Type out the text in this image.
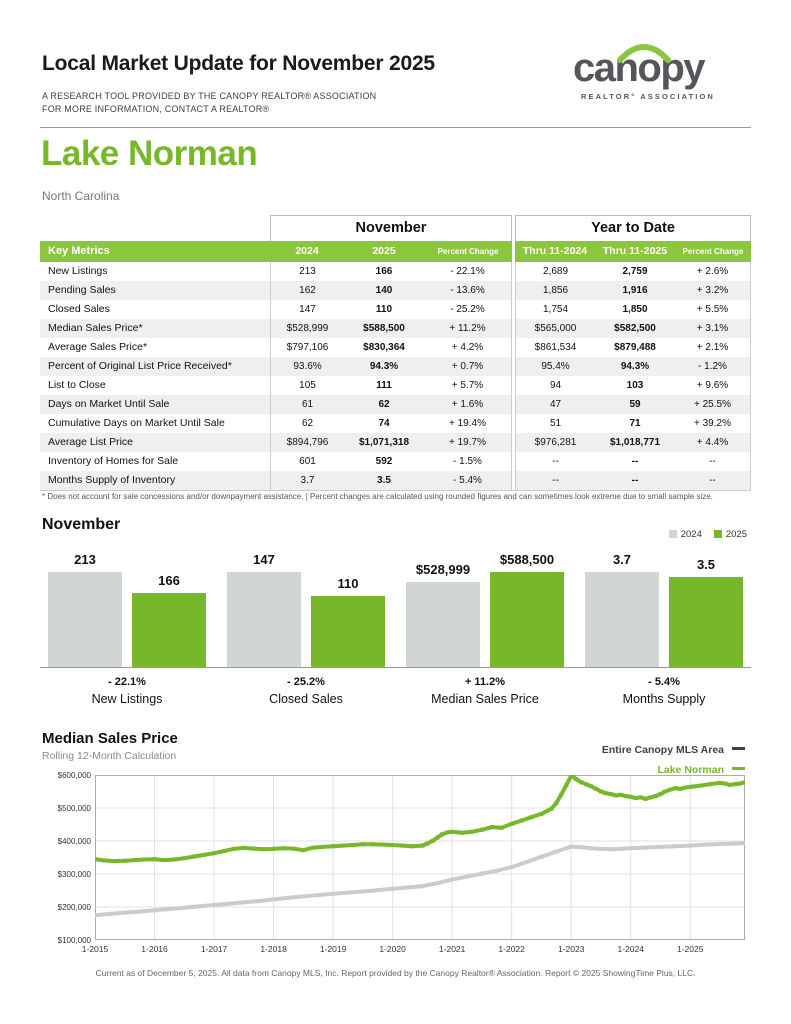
Local Market Update for November 2025
A RESEARCH TOOL PROVIDED BY THE CANOPY REALTOR® ASSOCIATION
FOR MORE INFORMATION, CONTACT A REALTOR®
canopy
REALTOR° ASSOCIATION
Lake Norman
North Carolina
November	Year to Date
Key Metrics	2024	2025	Percent Change	Thru 11-2024	Thru 11-2025	Percent Change
New Listings	213	166	- 22.1%	2,689	2,759	+ 2.6%
Pending Sales	162	140	- 13.6%	1,856	1,916	+ 3.2%
Closed Sales	147	110	- 25.2%	1,754	1,850	+ 5.5%
Median Sales Price*	$528,999	$588,500	+ 11.2%	$565,000	$582,500	+ 3.1%
Average Sales Price*	$797,106	$830,364	+ 4.2%	$861,534	$879,488	+ 2.1%
Percent of Original List Price Received*	93.6%	94.3%	+ 0.7%	95.4%	94.3%	- 1.2%
List to Close	105	111	+ 5.7%	94	103	+ 9.6%
Days on Market Until Sale	61	62	+ 1.6%	47	59	+ 25.5%
Cumulative Days on Market Until Sale	62	74	+ 19.4%	51	71	+ 39.2%
Average List Price	$894,796	$1,071,318	+ 19.7%	$976,281	$1,018,771	+ 4.4%
Inventory of Homes for Sale	601	592	- 1.5%	--	--	--
Months Supply of Inventory	3.7	3.5	- 5.4%	--	--	--
* Does not account for sale concessions and/or downpayment assistance. | Percent changes are calculated using rounded figures and can sometimes look extreme due to small sample size.
November
2024	2025
213
166
147
110
$528,999
$588,500	3.7	3.5
- 22.1%
New Listings
- 25.2%
Closed Sales
+ 11.2%
Median Sales Price
- 5.4%
Months Supply
Median Sales Price
Rolling 12-Month Calculation	Entire Canopy MLS Area
Lake Norman
$100,000
$200,000
$300,000
$400,000
$500,000
$600,000
1-2015	1-2016	1-2017	1-2018	1-2019	1-2020	1-2021	1-2022	1-2023	1-2024	1-2025
Current as of December 5, 2025. All data from Canopy MLS, Inc. Report provided by the Canopy Realtor® Association. Report © 2025 ShowingTime Plus, LLC.
